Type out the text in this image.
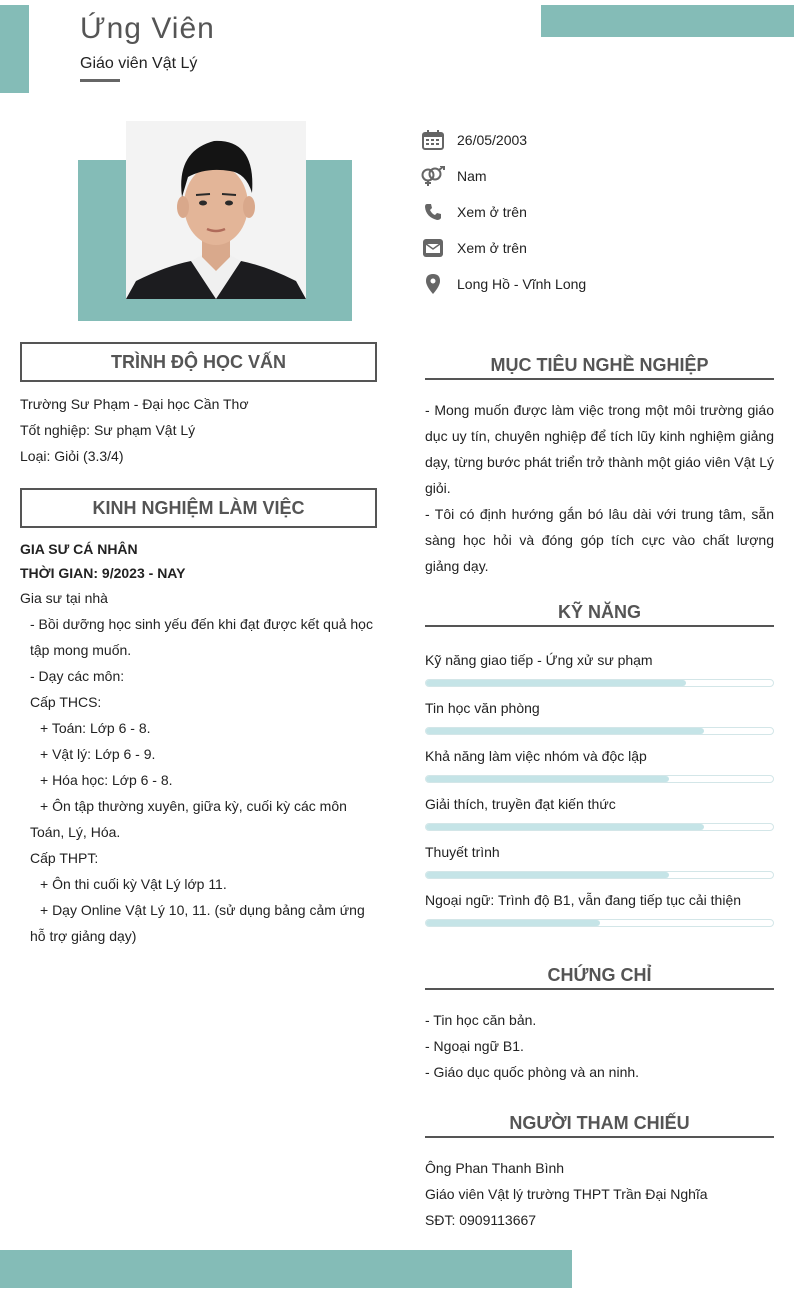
Ứng Viên
Giáo viên Vật Lý
26/05/2003
Nam
Xem ở trên
Xem ở trên
Long Hồ - Vĩnh Long
TRÌNH ĐỘ HỌC VẤN
Trường Sư Phạm - Đại học Cần Thơ
Tốt nghiệp: Sư phạm Vật Lý
Loại: Giỏi (3.3/4)
KINH NGHIỆM LÀM VIỆC
GIA SƯ CÁ NHÂN
THỜI GIAN: 9/2023 - NAY
Gia sư tại nhà
- Bồi dưỡng học sinh yếu đến khi đạt được kết quả học tập mong muốn.
- Dạy các môn:
Cấp THCS:
+ Toán: Lớp 6 - 8.
+ Vật lý: Lớp 6 - 9.
+ Hóa học: Lớp 6 - 8.
+ Ôn tập thường xuyên, giữa kỳ, cuối kỳ các môn Toán, Lý, Hóa.
Cấp THPT:
+ Ôn thi cuối kỳ Vật Lý lớp 11.
+ Dạy Online Vật Lý 10, 11. (sử dụng bảng cảm ứng hỗ trợ giảng dạy)
MỤC TIÊU NGHỀ NGHIỆP
- Mong muốn được làm việc trong một môi trường giáo dục uy tín, chuyên nghiệp để tích lũy kinh nghiệm giảng dạy, từng bước phát triển trở thành một giáo viên Vật Lý giỏi.
- Tôi có định hướng gắn bó lâu dài với trung tâm, sẵn sàng học hỏi và đóng góp tích cực vào chất lượng giảng dạy.
KỸ NĂNG
Kỹ năng giao tiếp - Ứng xử sư phạm
Tin học văn phòng
Khả năng làm việc nhóm và độc lập
Giải thích, truyền đạt kiến thức
Thuyết trình
Ngoại ngữ: Trình độ B1, vẫn đang tiếp tục cải thiện
CHỨNG CHỈ
- Tin học căn bản.
- Ngoại ngữ B1.
- Giáo dục quốc phòng và an ninh.
NGƯỜI THAM CHIẾU
Ông Phan Thanh Bình
Giáo viên Vật lý trường THPT Trần Đại Nghĩa
SĐT: 0909113667
